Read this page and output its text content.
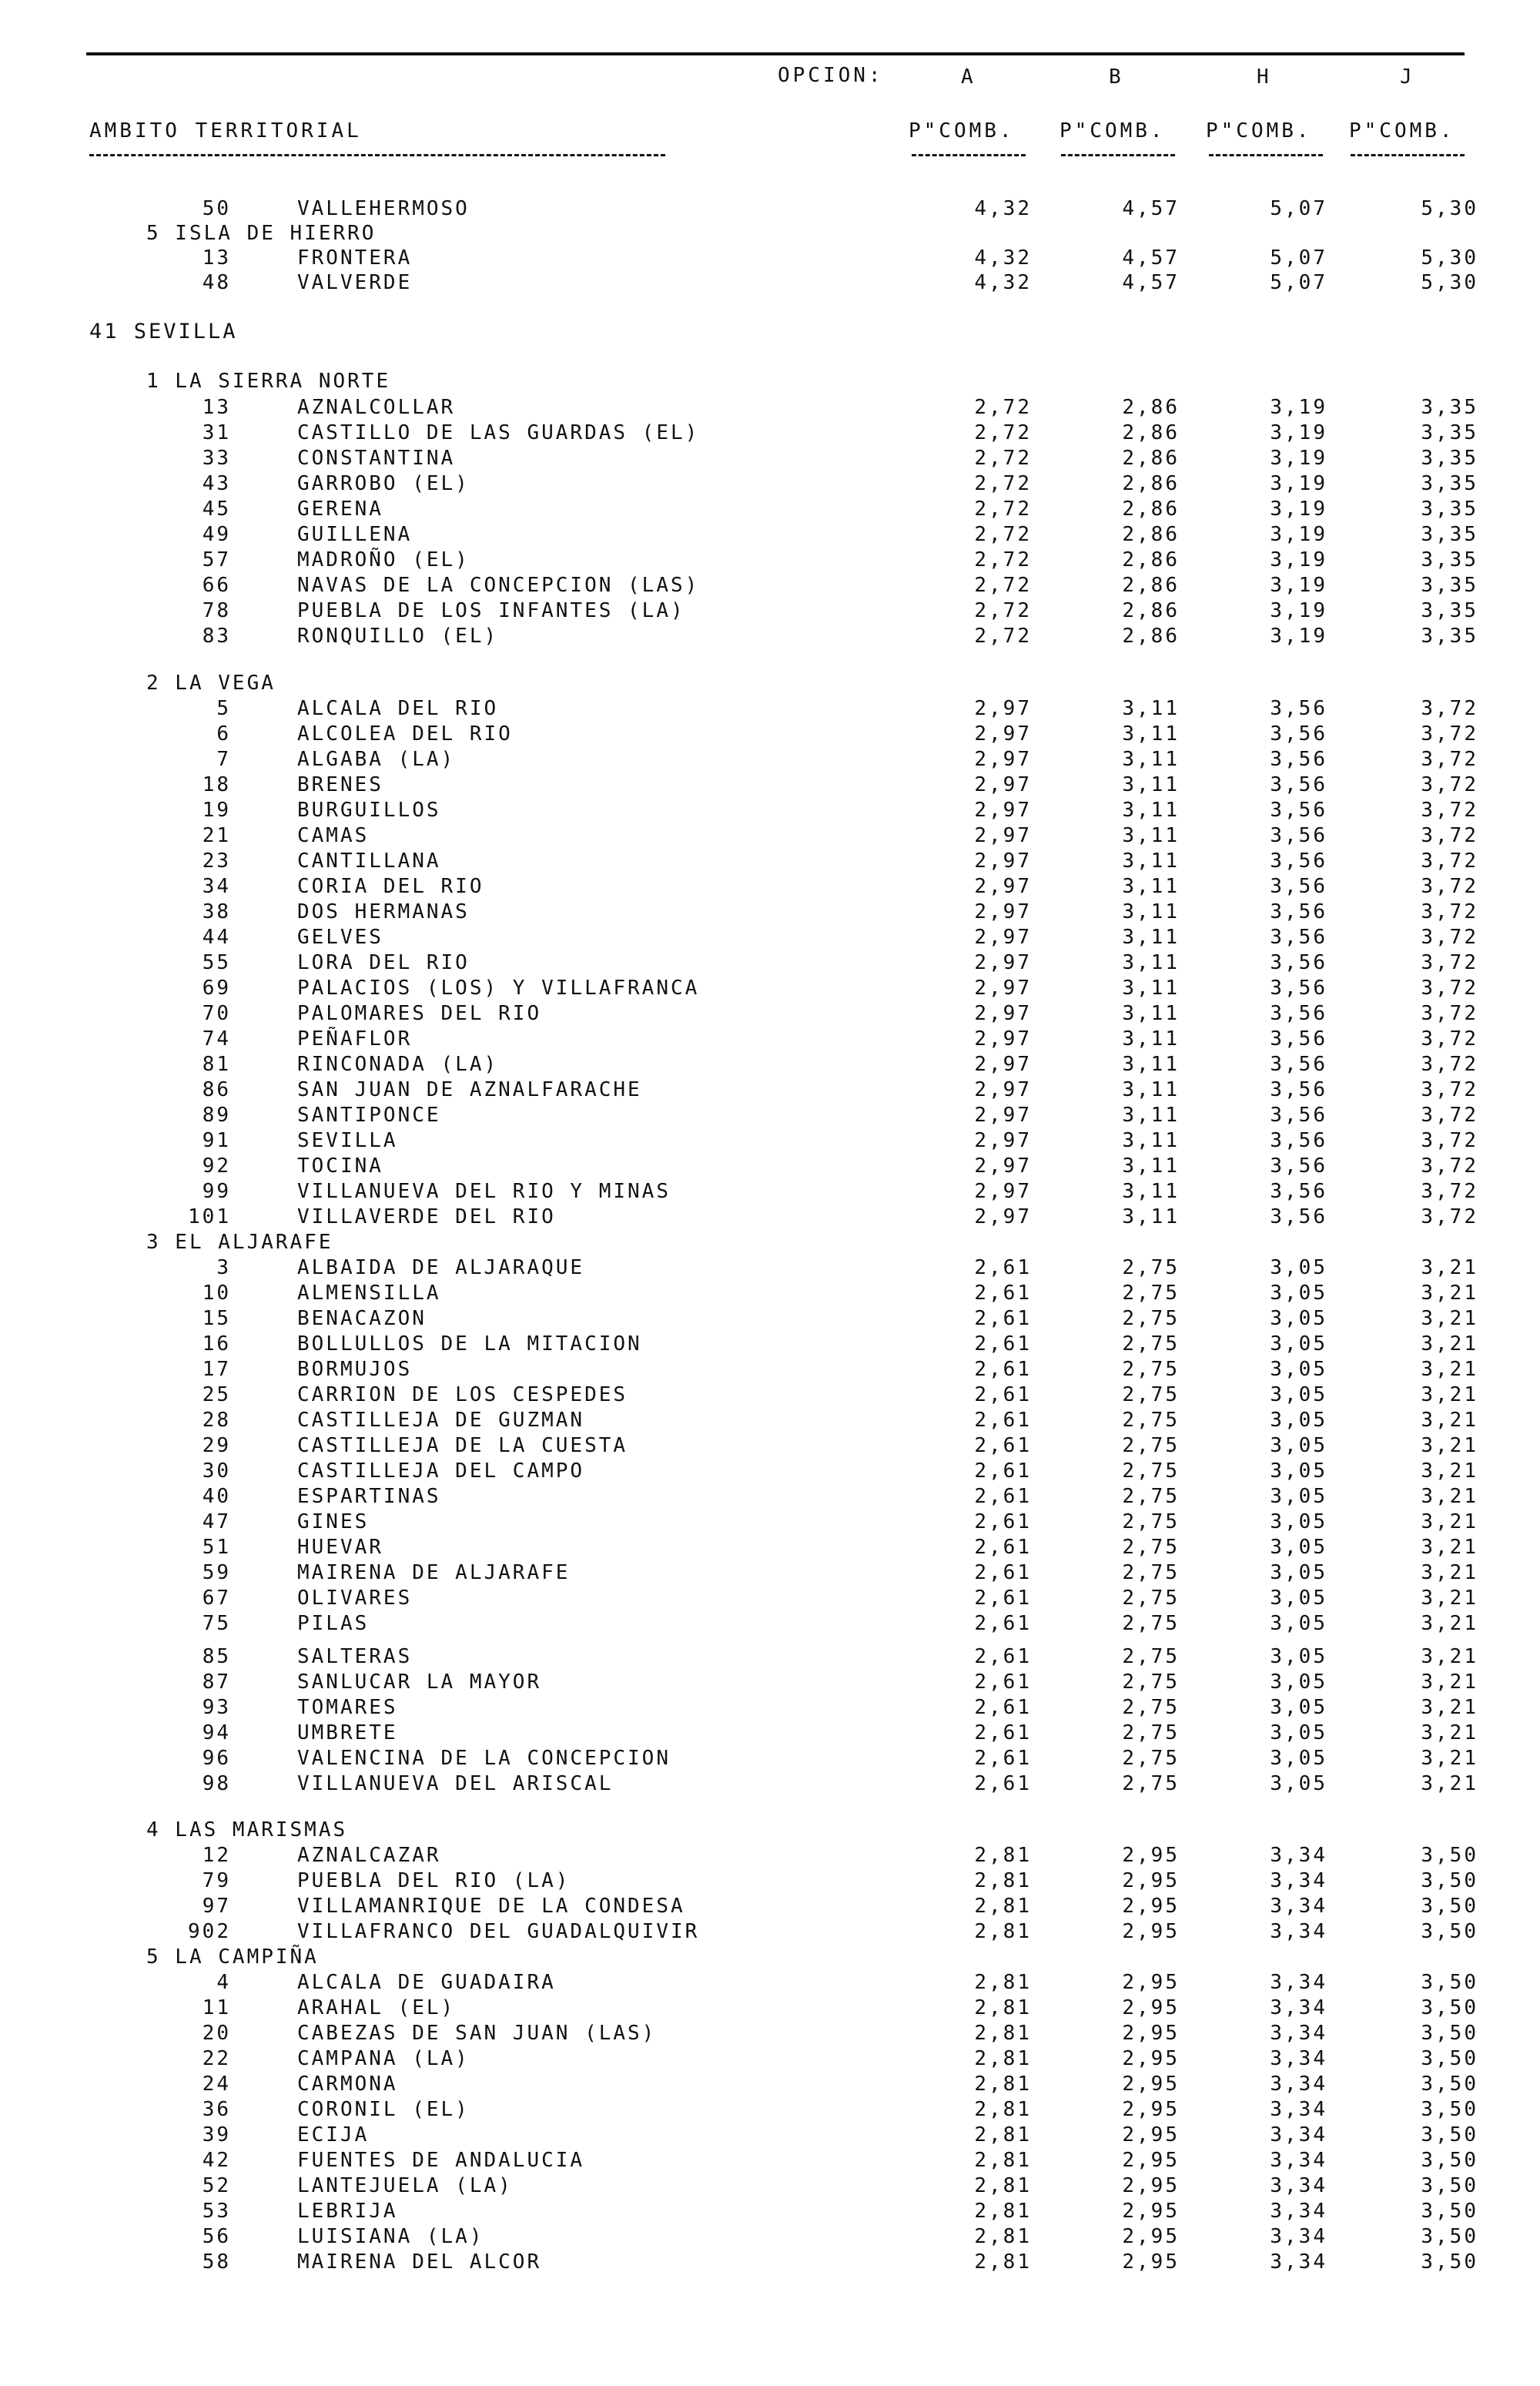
OPCION:	A	B	H	J
AMBITO TERRITORIAL	P"COMB. P"COMB. P"COMB. P"COMB.
50	VALLEHERMOSO	4,32	4,57	5,07	5,30
5 ISLA DE HIERRO
13	FRONTERA	4,32	4,57	5,07	5,30
48	VALVERDE	4,32	4,57	5,07	5,30
41 SEVILLA
1 LA SIERRA NORTE
13	AZNALCOLLAR	2,72	2,86	3,19	3,35
31	CASTILLO DE LAS GUARDAS (EL)	2,72	2,86	3,19	3,35
33	CONSTANTINA	2,72	2,86	3,19	3,35
43	GARROBO (EL)	2,72	2,86	3,19	3,35
45	GERENA	2,72	2,86	3,19	3,35
49	GUILLENA	2,72	2,86	3,19	3,35
57	MADROÑO (EL)	2,72	2,86	3,19	3,35
66	NAVAS DE LA CONCEPCION (LAS)	2,72	2,86	3,19	3,35
78	PUEBLA DE LOS INFANTES (LA)	2,72	2,86	3,19	3,35
83	RONQUILLO (EL)	2,72	2,86	3,19	3,35
2 LA VEGA
5	ALCALA DEL RIO	2,97	3,11	3,56	3,72
6	ALCOLEA DEL RIO	2,97	3,11	3,56	3,72
7	ALGABA (LA)	2,97	3,11	3,56	3,72
18	BRENES	2,97	3,11	3,56	3,72
19	BURGUILLOS	2,97	3,11	3,56	3,72
21	CAMAS	2,97	3,11	3,56	3,72
23	CANTILLANA	2,97	3,11	3,56	3,72
34	CORIA DEL RIO	2,97	3,11	3,56	3,72
38	DOS HERMANAS	2,97	3,11	3,56	3,72
44	GELVES	2,97	3,11	3,56	3,72
55	LORA DEL RIO	2,97	3,11	3,56	3,72
69	PALACIOS (LOS) Y VILLAFRANCA	2,97	3,11	3,56	3,72
70	PALOMARES DEL RIO	2,97	3,11	3,56	3,72
74	PEÑAFLOR	2,97	3,11	3,56	3,72
81	RINCONADA (LA)	2,97	3,11	3,56	3,72
86	SAN JUAN DE AZNALFARACHE	2,97	3,11	3,56	3,72
89	SANTIPONCE	2,97	3,11	3,56	3,72
91	SEVILLA	2,97	3,11	3,56	3,72
92	TOCINA	2,97	3,11	3,56	3,72
99	VILLANUEVA DEL RIO Y MINAS	2,97	3,11	3,56	3,72
101	VILLAVERDE DEL RIO	2,97	3,11	3,56	3,72
3 EL ALJARAFE
3	ALBAIDA DE ALJARAQUE	2,61	2,75	3,05	3,21
10	ALMENSILLA	2,61	2,75	3,05	3,21
15	BENACAZON	2,61	2,75	3,05	3,21
16	BOLLULLOS DE LA MITACION	2,61	2,75	3,05	3,21
17	BORMUJOS	2,61	2,75	3,05	3,21
25	CARRION DE LOS CESPEDES	2,61	2,75	3,05	3,21
28	CASTILLEJA DE GUZMAN	2,61	2,75	3,05	3,21
29	CASTILLEJA DE LA CUESTA	2,61	2,75	3,05	3,21
30	CASTILLEJA DEL CAMPO	2,61	2,75	3,05	3,21
40	ESPARTINAS	2,61	2,75	3,05	3,21
47	GINES	2,61	2,75	3,05	3,21
51	HUEVAR	2,61	2,75	3,05	3,21
59	MAIRENA DE ALJARAFE	2,61	2,75	3,05	3,21
67	OLIVARES	2,61	2,75	3,05	3,21
75	PILAS	2,61	2,75	3,05	3,21
85	SALTERAS	2,61	2,75	3,05	3,21
87	SANLUCAR LA MAYOR	2,61	2,75	3,05	3,21
93	TOMARES	2,61	2,75	3,05	3,21
94	UMBRETE	2,61	2,75	3,05	3,21
96	VALENCINA DE LA CONCEPCION	2,61	2,75	3,05	3,21
98	VILLANUEVA DEL ARISCAL	2,61	2,75	3,05	3,21
4 LAS MARISMAS
12	AZNALCAZAR	2,81	2,95	3,34	3,50
79	PUEBLA DEL RIO (LA)	2,81	2,95	3,34	3,50
97	VILLAMANRIQUE DE LA CONDESA	2,81	2,95	3,34	3,50
902	VILLAFRANCO DEL GUADALQUIVIR	2,81	2,95	3,34	3,50
5 LA CAMPIÑA
4	ALCALA DE GUADAIRA	2,81	2,95	3,34	3,50
11	ARAHAL (EL)	2,81	2,95	3,34	3,50
20	CABEZAS DE SAN JUAN (LAS)	2,81	2,95	3,34	3,50
22	CAMPANA (LA)	2,81	2,95	3,34	3,50
24	CARMONA	2,81	2,95	3,34	3,50
36	CORONIL (EL)	2,81	2,95	3,34	3,50
39	ECIJA	2,81	2,95	3,34	3,50
42	FUENTES DE ANDALUCIA	2,81	2,95	3,34	3,50
52	LANTEJUELA (LA)	2,81	2,95	3,34	3,50
53	LEBRIJA	2,81	2,95	3,34	3,50
56	LUISIANA (LA)	2,81	2,95	3,34	3,50
58	MAIRENA DEL ALCOR	2,81	2,95	3,34	3,50
